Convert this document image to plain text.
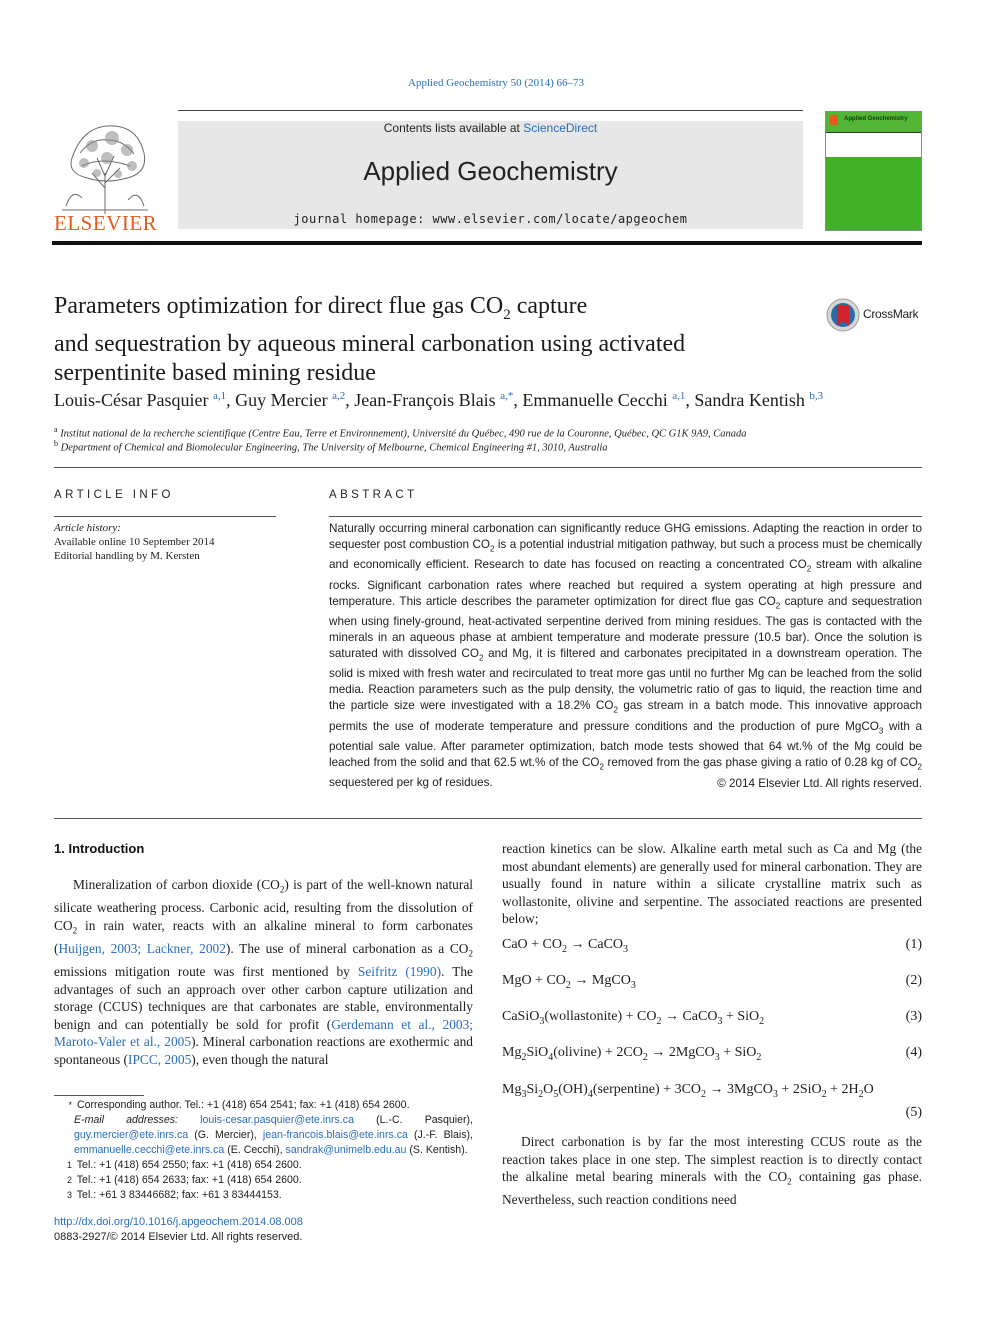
Applied Geochemistry 50 (2014) 66–73
ELSEVIER
Contents lists available at ScienceDirect
Applied Geochemistry
journal homepage: www.elsevier.com/locate/apgeochem
Applied Geochemistry
Parameters optimization for direct flue gas $CO_2$ capture
and sequestration by aqueous mineral carbonation using activated
serpentinite based mining residue
CrossMark
Louis-César Pasquier $^{a,1}$, Guy Mercier $^{a,2}$, Jean-François Blais $^{a,*}$, Emmanuelle Cecchi $^{a,1}$, Sandra Kentish $^{b,3}$
$^a$ Institut national de la recherche scientifique (Centre Eau, Terre et Environnement), Université du Québec, 490 rue de la Couronne, Québec, QC G1K 9A9, Canada
$^b$ Department of Chemical and Biomolecular Engineering, The University of Melbourne, Chemical Engineering #1, 3010, Australia
ARTICLE INFO	ABSTRACT
Article history:
Available online 10 September 2014
Editorial handling by M. Kersten
Naturally occurring mineral carbonation can significantly reduce GHG emissions. Adapting the reaction in order to sequester post combustion $CO_2$ is a potential industrial mitigation pathway, but such a process must be chemically and economically efficient. Research to date has focused on reacting a concentrated $CO_2$ stream with alkaline rocks. Significant carbonation rates where reached but required a system operating at high pressure and temperature. This article describes the parameter optimization for direct flue gas $CO_2$ capture and sequestration when using finely-ground, heat-activated serpentine derived from mining residues. The gas is contacted with the minerals in an aqueous phase at ambient temperature and moderate pressure (10.5 bar). Once the solution is saturated with dissolved $CO_2$ and Mg, it is filtered and carbonates precipitated in a downstream operation. The solid is mixed with fresh water and recirculated to treat more gas until no further Mg can be leached from the solid media. Reaction parameters such as the pulp density, the volumetric ratio of gas to liquid, the reaction time and the particle size were investigated with a 18.2% $CO_2$ gas stream in a batch mode. This innovative approach permits the use of moderate temperature and pressure conditions and the production of pure MgCO$_3$ with a potential sale value. After parameter optimization, batch mode tests showed that 64 wt.% of the Mg could be leached from the solid and that 62.5 wt.% of the $CO_2$ removed from the gas phase giving a ratio of 0.28 kg of $CO_2$ sequestered per kg of residues.	© 2014 Elsevier Ltd. All rights reserved.
1. Introduction
Mineralization of carbon dioxide $(CO_2)$ is part of the well-known natural silicate weathering process. Carbonic acid, resulting from the dissolution of $CO_2$ in rain water, reacts with an alkaline mineral to form carbonates (Huijgen, 2003; Lackner, 2002). The use of mineral carbonation as a $CO_2$ emissions mitigation route was first mentioned by Seifritz (1990). The advantages of such an approach over other carbon capture utilization and storage (CCUS) techniques are that carbonates are stable, environmentally benign and can potentially be sold for profit (Gerdemann et al., 2003; Maroto-Valer et al., 2005). Mineral carbonation reactions are exothermic and spontaneous (IPCC, 2005), even though the natural
reaction kinetics can be slow. Alkaline earth metal such as Ca and Mg (the most abundant elements) are generally used for mineral carbonation. They are usually found in nature within a silicate crystalline matrix such as wollastonite, olivine and serpentine. The associated reactions are presented below;
CaO + $CO_2$ → CaCO$_3$	(1)
MgO + $CO_2$ → MgCO$_3$	(2)
CaSiO$_3$(wollastonite) + $CO_2$ → CaCO$_3$ + SiO$_2$	(3)
$Mg_2SiO_4(olivine) + 2CO_2$ → 2MgCO$_3$ + SiO$_2$	(4)
$Mg_3Si_2O_5(OH)_4(serpentine) + 3CO_2$ → 3MgCO$_3$ + $2SiO_2 + 2H_2O$
(5)
Direct carbonation is by far the most interesting CCUS route as the reaction takes place in one step. The simplest reaction is to directly contact the alkaline metal bearing minerals with the $CO_2$ containing gas phase. Nevertheless, such reaction conditions need
* Corresponding author. Tel.: +1 (418) 654 2541; fax: +1 (418) 654 2600.
E-mail addresses: louis-cesar.pasquier@ete.inrs.ca (L.-C. Pasquier), guy.mercier@ete.inrs.ca (G. Mercier), jean-francois.blais@ete.inrs.ca (J.-F. Blais), emmanuelle.cecchi@ete.inrs.ca (E. Cecchi), sandrak@unimelb.edu.au (S. Kentish).
1 Tel.: +1 (418) 654 2550; fax: +1 (418) 654 2600.
2 Tel.: +1 (418) 654 2633; fax: +1 (418) 654 2600.
3 Tel.: +61 3 83446682; fax: +61 3 83444153.
http://dx.doi.org/10.1016/j.apgeochem.2014.08.008
0883-2927/© 2014 Elsevier Ltd. All rights reserved.
